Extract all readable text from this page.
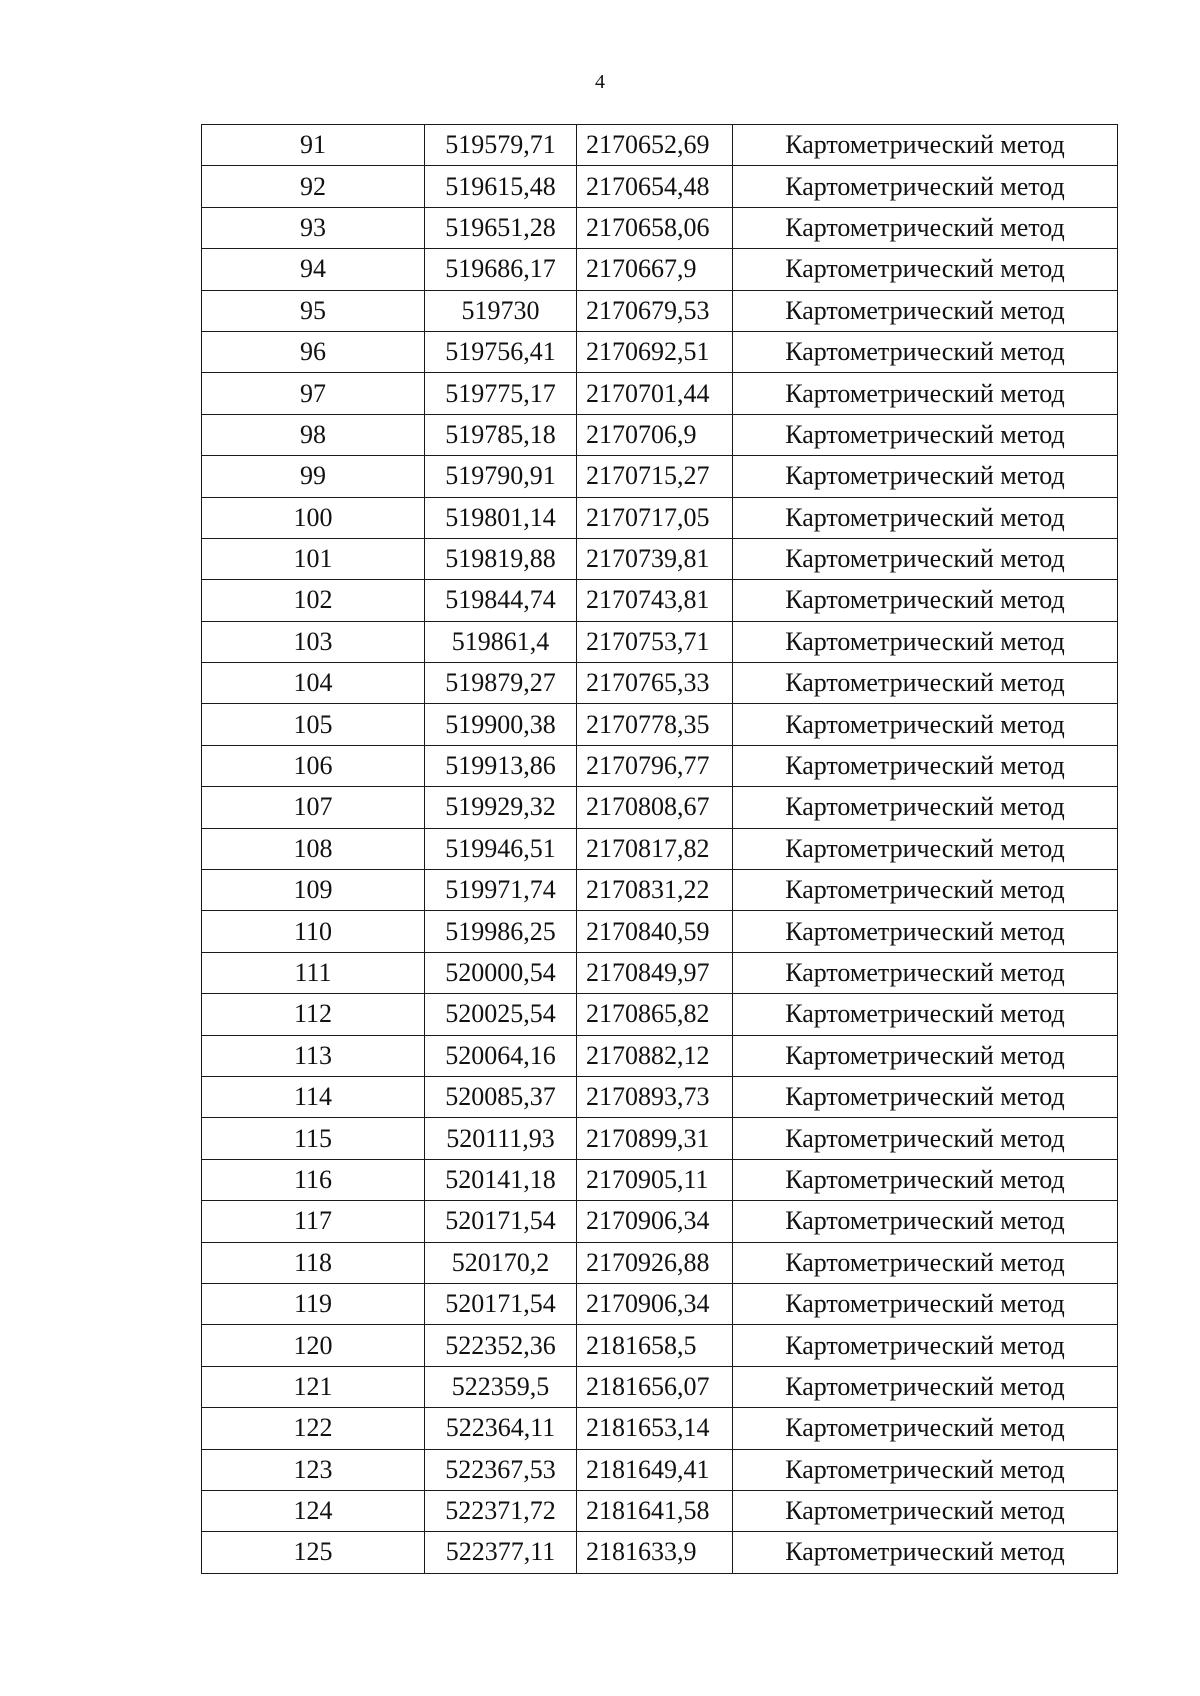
4
91	519579,71	2170652,69	Картометрический метод
92	519615,48	2170654,48	Картометрический метод
93	519651,28	2170658,06	Картометрический метод
94	519686,17	2170667,9	Картометрический метод
95	519730	2170679,53	Картометрический метод
96	519756,41	2170692,51	Картометрический метод
97	519775,17	2170701,44	Картометрический метод
98	519785,18	2170706,9	Картометрический метод
99	519790,91	2170715,27	Картометрический метод
100	519801,14	2170717,05	Картометрический метод
101	519819,88	2170739,81	Картометрический метод
102	519844,74	2170743,81	Картометрический метод
103	519861,4	2170753,71	Картометрический метод
104	519879,27	2170765,33	Картометрический метод
105	519900,38	2170778,35	Картометрический метод
106	519913,86	2170796,77	Картометрический метод
107	519929,32	2170808,67	Картометрический метод
108	519946,51	2170817,82	Картометрический метод
109	519971,74	2170831,22	Картометрический метод
110	519986,25	2170840,59	Картометрический метод
111	520000,54	2170849,97	Картометрический метод
112	520025,54	2170865,82	Картометрический метод
113	520064,16	2170882,12	Картометрический метод
114	520085,37	2170893,73	Картометрический метод
115	520111,93	2170899,31	Картометрический метод
116	520141,18	2170905,11	Картометрический метод
117	520171,54	2170906,34	Картометрический метод
118	520170,2	2170926,88	Картометрический метод
119	520171,54	2170906,34	Картометрический метод
120	522352,36	2181658,5	Картометрический метод
121	522359,5	2181656,07	Картометрический метод
122	522364,11	2181653,14	Картометрический метод
123	522367,53	2181649,41	Картометрический метод
124	522371,72	2181641,58	Картометрический метод
125	522377,11	2181633,9	Картометрический метод
